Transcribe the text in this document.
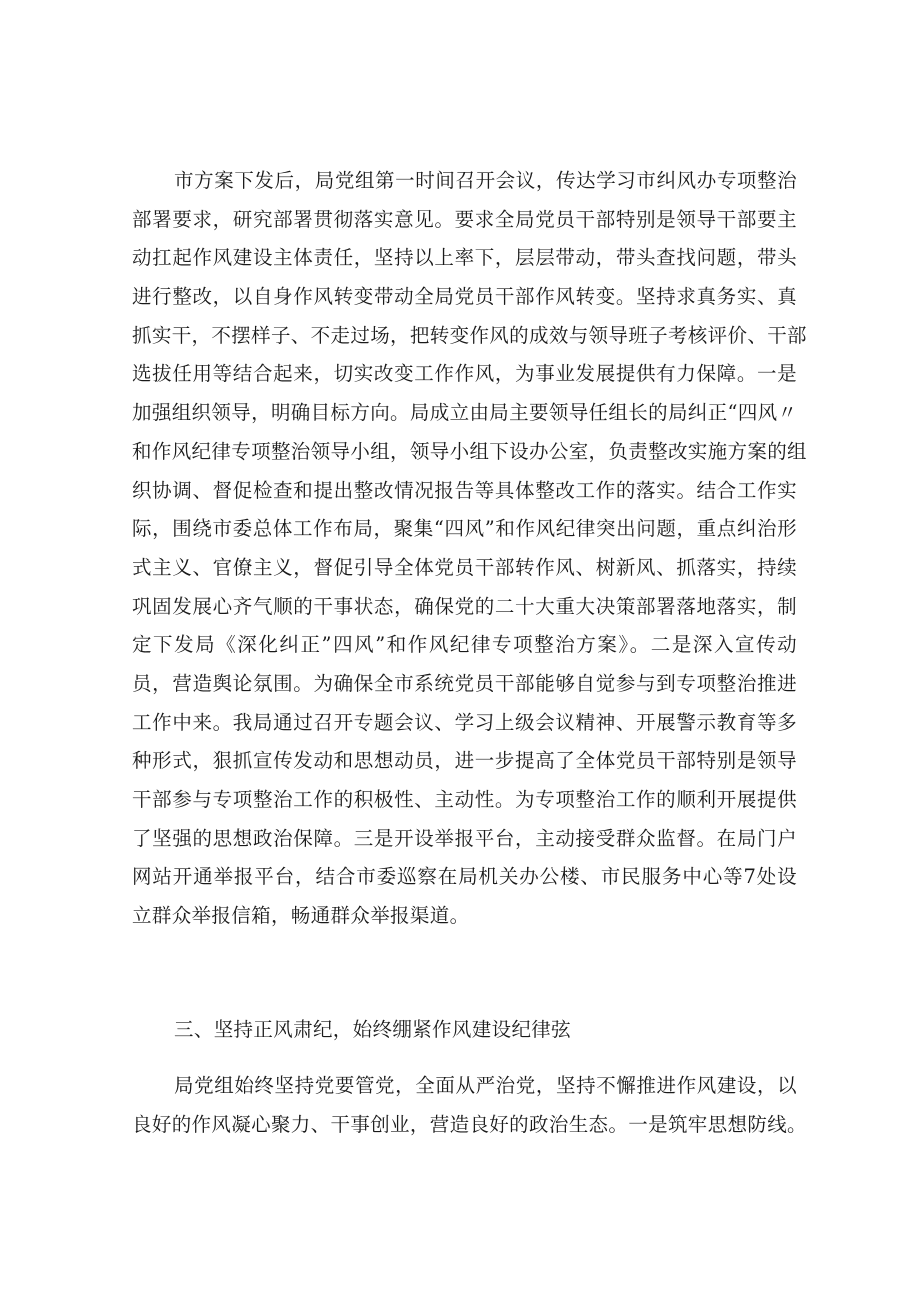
市方案下发后，局党组第一时间召开会议，传达学习市纠风办专项整治
部署要求，研究部署贯彻落实意见。要求全局党员干部特别是领导干部要主
动扛起作风建设主体责任，坚持以上率下，层层带动，带头查找问题，带头
进行整改，以自身作风转变带动全局党员干部作风转变。坚持求真务实、真
抓实干，不摆样子、不走过场，把转变作风的成效与领导班子考核评价、干部
选拔任用等结合起来，切实改变工作作风，为事业发展提供有力保障。一是
加强组织领导，明确目标方向。局成立由局主要领导任组长的局纠正“四风〃
和作风纪律专项整治领导小组，领导小组下设办公室，负责整改实施方案的组
织协调、督促检查和提出整改情况报告等具体整改工作的落实。结合工作实
际，围绕市委总体工作布局，聚集“四风”和作风纪律突出问题，重点纠治形
式主义、官僚主义，督促引导全体党员干部转作风、树新风、抓落实，持续
巩固发展心齐气顺的干事状态，确保党的二十大重大决策部署落地落实，制
定下发局《深化纠正”四风”和作风纪律专项整治方案》。二是深入宣传动
员，营造舆论氛围。为确保全市系统党员干部能够自觉参与到专项整治推进
工作中来。我局通过召开专题会议、学习上级会议精神、开展警示教育等多
种形式，狠抓宣传发动和思想动员，进一步提高了全体党员干部特别是领导
干部参与专项整治工作的积极性、主动性。为专项整治工作的顺利开展提供
了坚强的思想政治保障。三是开设举报平台，主动接受群众监督。在局门户
网站开通举报平台，结合市委巡察在局机关办公楼、市民服务中心等7处设
立群众举报信箱，畅通群众举报渠道。
三、坚持正风肃纪，始终绷紧作风建设纪律弦
局党组始终坚持党要管党，全面从严治党，坚持不懈推进作风建设，以
良好的作风凝心聚力、干事创业，营造良好的政治生态。一是筑牢思想防线。
